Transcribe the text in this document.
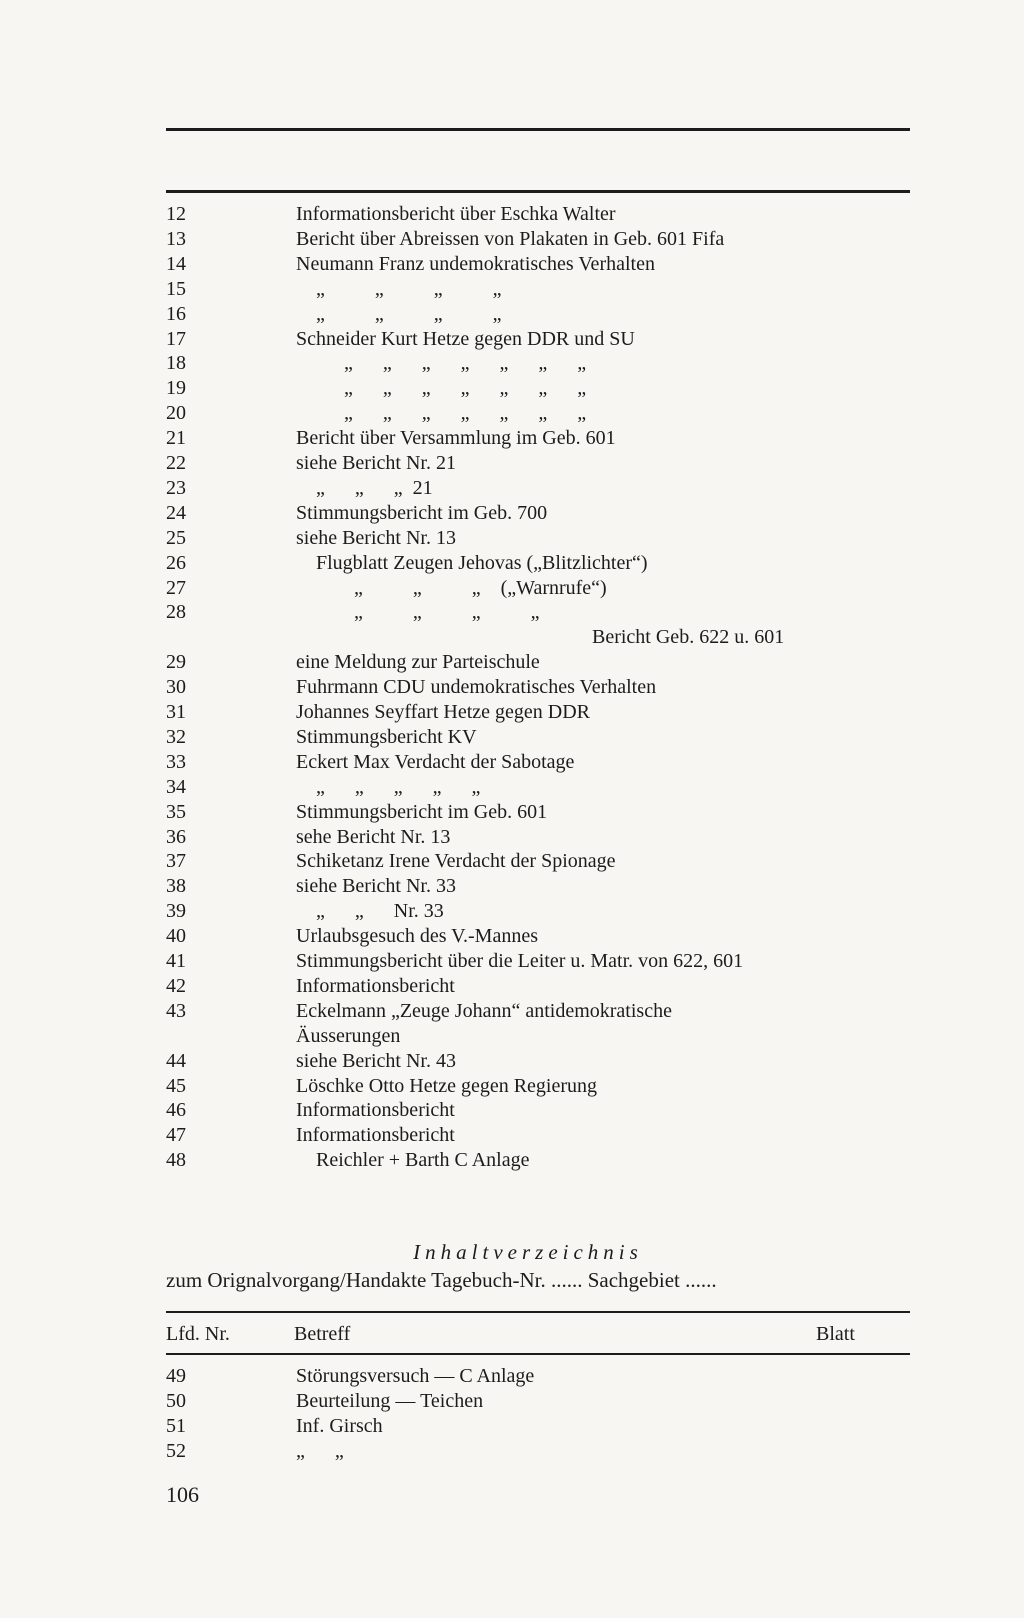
12	Informationsbericht über Eschka Walter
13	Bericht über Abreissen von Plakaten in Geb. 601 Fifa
14	Neumann Franz undemokratisches Verhalten
15	„          „          „          „
16	„          „          „          „
17	Schneider Kurt Hetze gegen DDR und SU
18	„      „      „      „      „      „      „
19	„      „      „      „      „      „      „
20	„      „      „      „      „      „      „
21	Bericht über Versammlung im Geb. 601
22	siehe Bericht Nr. 21
23	„      „      „  21
24	Stimmungsbericht im Geb. 700
25	siehe Bericht Nr. 13
26	Flugblatt Zeugen Jehovas („Blitzlichter“)
27	„          „          „    („Warnrufe“)
28	„          „          „          „
Bericht Geb. 622 u. 601
29	eine Meldung zur Parteischule
30	Fuhrmann CDU undemokratisches Verhalten
31	Johannes Seyffart Hetze gegen DDR
32	Stimmungsbericht KV
33	Eckert Max Verdacht der Sabotage
34	„      „      „      „      „
35	Stimmungsbericht im Geb. 601
36	sehe Bericht Nr. 13
37	Schiketanz Irene Verdacht der Spionage
38	siehe Bericht Nr. 33
39	„      „      Nr. 33
40	Urlaubsgesuch des V.-Mannes
41	Stimmungsbericht über die Leiter u. Matr. von 622, 601
42	Informationsbericht
43	Eckelmann „Zeuge Johann“ antidemokratische
Äusserungen
44	siehe Bericht Nr. 43
45	Löschke Otto Hetze gegen Regierung
46	Informationsbericht
47	Informationsbericht
48	Reichler + Barth C Anlage
Inhaltverzeichnis
zum Orignalvorgang/Handakte Tagebuch-Nr. ...... Sachgebiet ......
Lfd. Nr.	Betreff	Blatt
49	Störungsversuch — C Anlage
50	Beurteilung — Teichen
51	Inf. Girsch
52	„      „
106
